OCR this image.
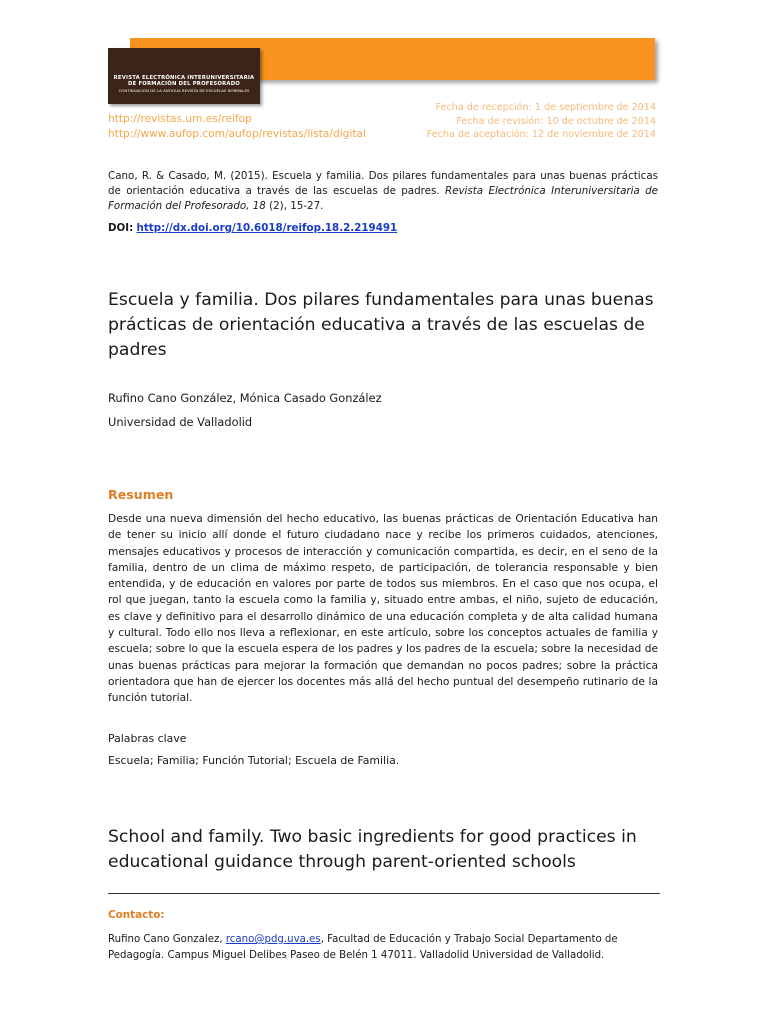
REVISTA ELECTRÓNICA INTERUNIVERSITARIA
DE FORMACIÓN DEL PROFESORADO
CONTINUACIÓN DE LA ANTIGUA REVISTA DE ESCUELAS NORMALES
http://revistas.um.es/reifop
http://www.aufop.com/aufop/revistas/lista/digital
Fecha de recepción: 1 de septiembre de 2014
Fecha de revisión: 10 de octubre de 2014
Fecha de aceptación: 12 de noviembre de 2014
Cano, R. & Casado, M. (2015). Escuela y familia. Dos pilares fundamentales para unas buenas prácticas de orientación educativa a través de las escuelas de padres. Revista Electrónica Interuniversitaria de Formación del Profesorado, 18 (2), 15-27.
DOI: http://dx.doi.org/10.6018/reifop.18.2.219491
Escuela y familia. Dos pilares fundamentales para unas buenas prácticas de orientación educativa a través de las escuelas de padres
Rufino Cano González, Mónica Casado González
Universidad de Valladolid
Resumen
Desde una nueva dimensión del hecho educativo, las buenas prácticas de Orientación Educativa han de tener su inicio allí donde el futuro ciudadano nace y recibe los primeros cuidados, atenciones, mensajes educativos y procesos de interacción y comunicación compartida, es decir, en el seno de la familia, dentro de un clima de máximo respeto, de participación, de tolerancia responsable y bien entendida, y de educación en valores por parte de todos sus miembros. En el caso que nos ocupa, el rol que juegan, tanto la escuela como la familia y, situado entre ambas, el niño, sujeto de educación, es clave y definitivo para el desarrollo dinámico de una educación completa y de alta calidad humana y cultural. Todo ello nos lleva a reflexionar, en este artículo, sobre los conceptos actuales de familia y escuela; sobre lo que la escuela espera de los padres y los padres de la escuela; sobre la necesidad de unas buenas prácticas para mejorar la formación que demandan no pocos padres; sobre la práctica orientadora que han de ejercer los docentes más allá del hecho puntual del desempeño rutinario de la función tutorial.
Palabras clave
Escuela; Familia; Función Tutorial; Escuela de Familia.
School and family. Two basic ingredients for good practices in educational guidance through parent-oriented schools
Contacto:
Rufino Cano Gonzalez, rcano@pdg.uva.es, Facultad de Educación y Trabajo Social Departamento de Pedagogía. Campus Miguel Delibes Paseo de Belén 1 47011. Valladolid Universidad de Valladolid.
